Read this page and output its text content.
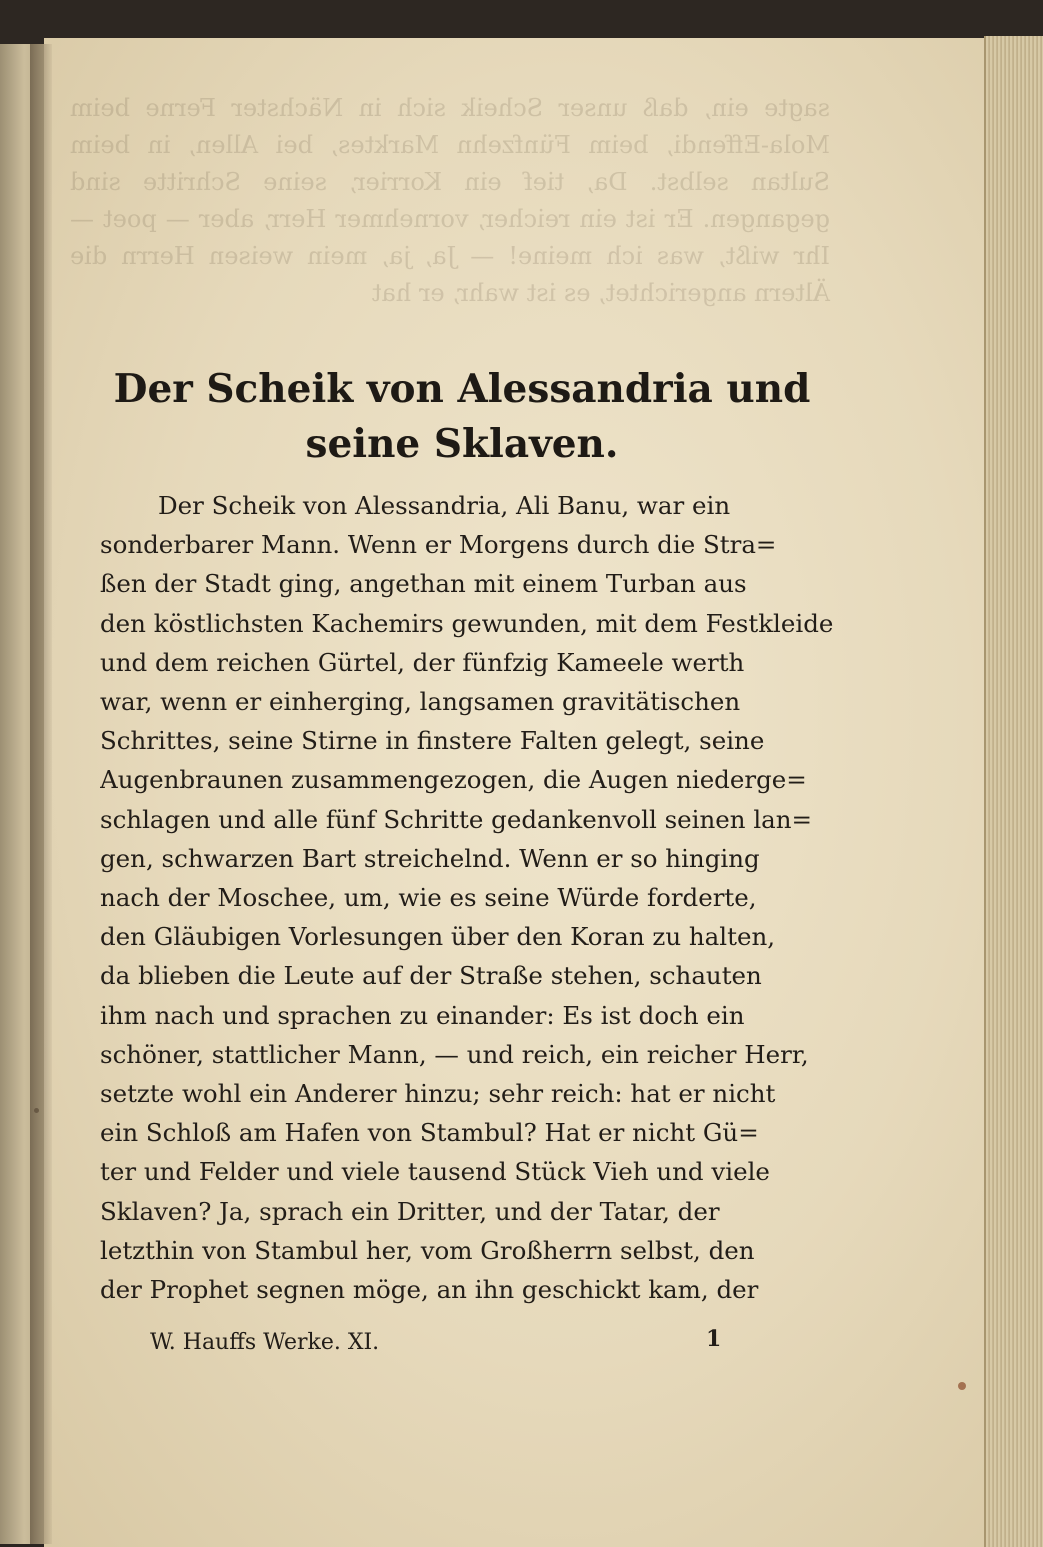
sagte ein, daß unser Scheik sich in Nächster Ferne beim Mola-Effendi, beim Fünfzehn Marktes, bei Allen, in beim Sultan selbst. Da, tief ein Korrier, seine Schritte sind gegangen. Er ist ein reicher, vornehmer Herr, aber — poet — Ihr wißt, was ich meine! — Ja, ja, mein weisen Herrn die Ältern angerichtet, es ist wahr, er hat
Der Scheik von Alessandria und
seine Sklaven.
Der Scheik von Alessandria, Ali Banu, war ein
sonderbarer Mann. Wenn er Morgens durch die Stra=
ßen der Stadt ging, angethan mit einem Turban aus
den köstlichsten Kachemirs gewunden, mit dem Festkleide
und dem reichen Gürtel, der fünfzig Kameele werth
war, wenn er einherging, langsamen gravitätischen
Schrittes, seine Stirne in finstere Falten gelegt, seine
Augenbraunen zusammengezogen, die Augen niederge=
schlagen und alle fünf Schritte gedankenvoll seinen lan=
gen, schwarzen Bart streichelnd. Wenn er so hinging
nach der Moschee, um, wie es seine Würde forderte,
den Gläubigen Vorlesungen über den Koran zu halten,
da blieben die Leute auf der Straße stehen, schauten
ihm nach und sprachen zu einander: Es ist doch ein
schöner, stattlicher Mann, — und reich, ein reicher Herr,
setzte wohl ein Anderer hinzu; sehr reich: hat er nicht
ein Schloß am Hafen von Stambul? Hat er nicht Gü=
ter und Felder und viele tausend Stück Vieh und viele
Sklaven? Ja, sprach ein Dritter, und der Tatar, der
letzthin von Stambul her, vom Großherrn selbst, den
der Prophet segnen möge, an ihn geschickt kam, der
W. Hauffs Werke. XI.	1
